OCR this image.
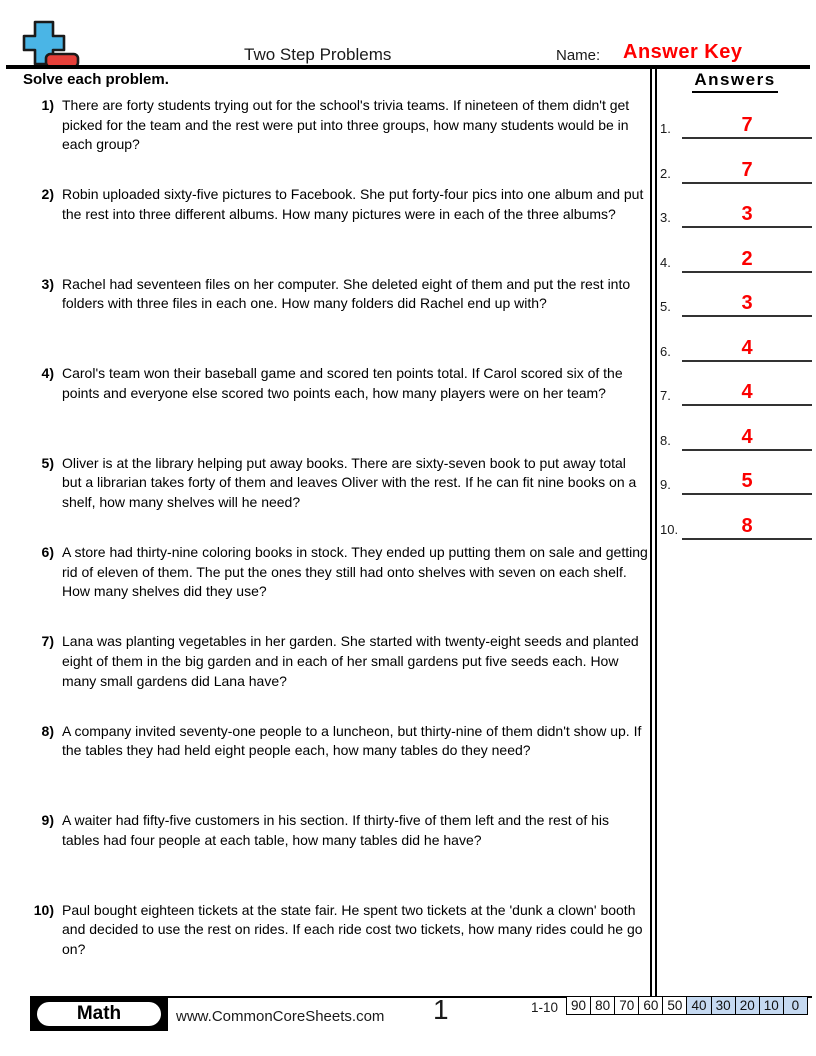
Two Step Problems	Name: Answer Key
Solve each problem.
1) There are forty students trying out for the school's trivia teams. If nineteen of them didn't get picked for the team and the rest were put into three groups, how many students would be in each group?
2) Robin uploaded sixty-five pictures to Facebook. She put forty-four pics into one album and put the rest into three different albums. How many pictures were in each of the three albums?
3) Rachel had seventeen files on her computer. She deleted eight of them and put the rest into folders with three files in each one. How many folders did Rachel end up with?
4) Carol's team won their baseball game and scored ten points total. If Carol scored six of the points and everyone else scored two points each, how many players were on her team?
5) Oliver is at the library helping put away books. There are sixty-seven book to put away total but a librarian takes forty of them and leaves Oliver with the rest. If he can fit nine books on a shelf, how many shelves will he need?
6) A store had thirty-nine coloring books in stock. They ended up putting them on sale and getting rid of eleven of them. The put the ones they still had onto shelves with seven on each shelf. How many shelves did they use?
7) Lana was planting vegetables in her garden. She started with twenty-eight seeds and planted eight of them in the big garden and in each of her small gardens put five seeds each. How many small gardens did Lana have?
8) A company invited seventy-one people to a luncheon, but thirty-nine of them didn't show up. If the tables they had held eight people each, how many tables do they need?
9) A waiter had fifty-five customers in his section. If thirty-five of them left and the rest of his tables had four people at each table, how many tables did he have?
10) Paul bought eighteen tickets at the state fair. He spent two tickets at the 'dunk a clown' booth and decided to use the rest on rides. If each ride cost two tickets, how many rides could he go on?
Answers
1.	7
2.	7
3.	3
4.	2
5.	3
6.	4
7.	4
8.	4
9.	5
10.	8
Math	www.CommonCoreSheets.com 1	1-10 90 80 70 60 50 40 30 20 10 0
